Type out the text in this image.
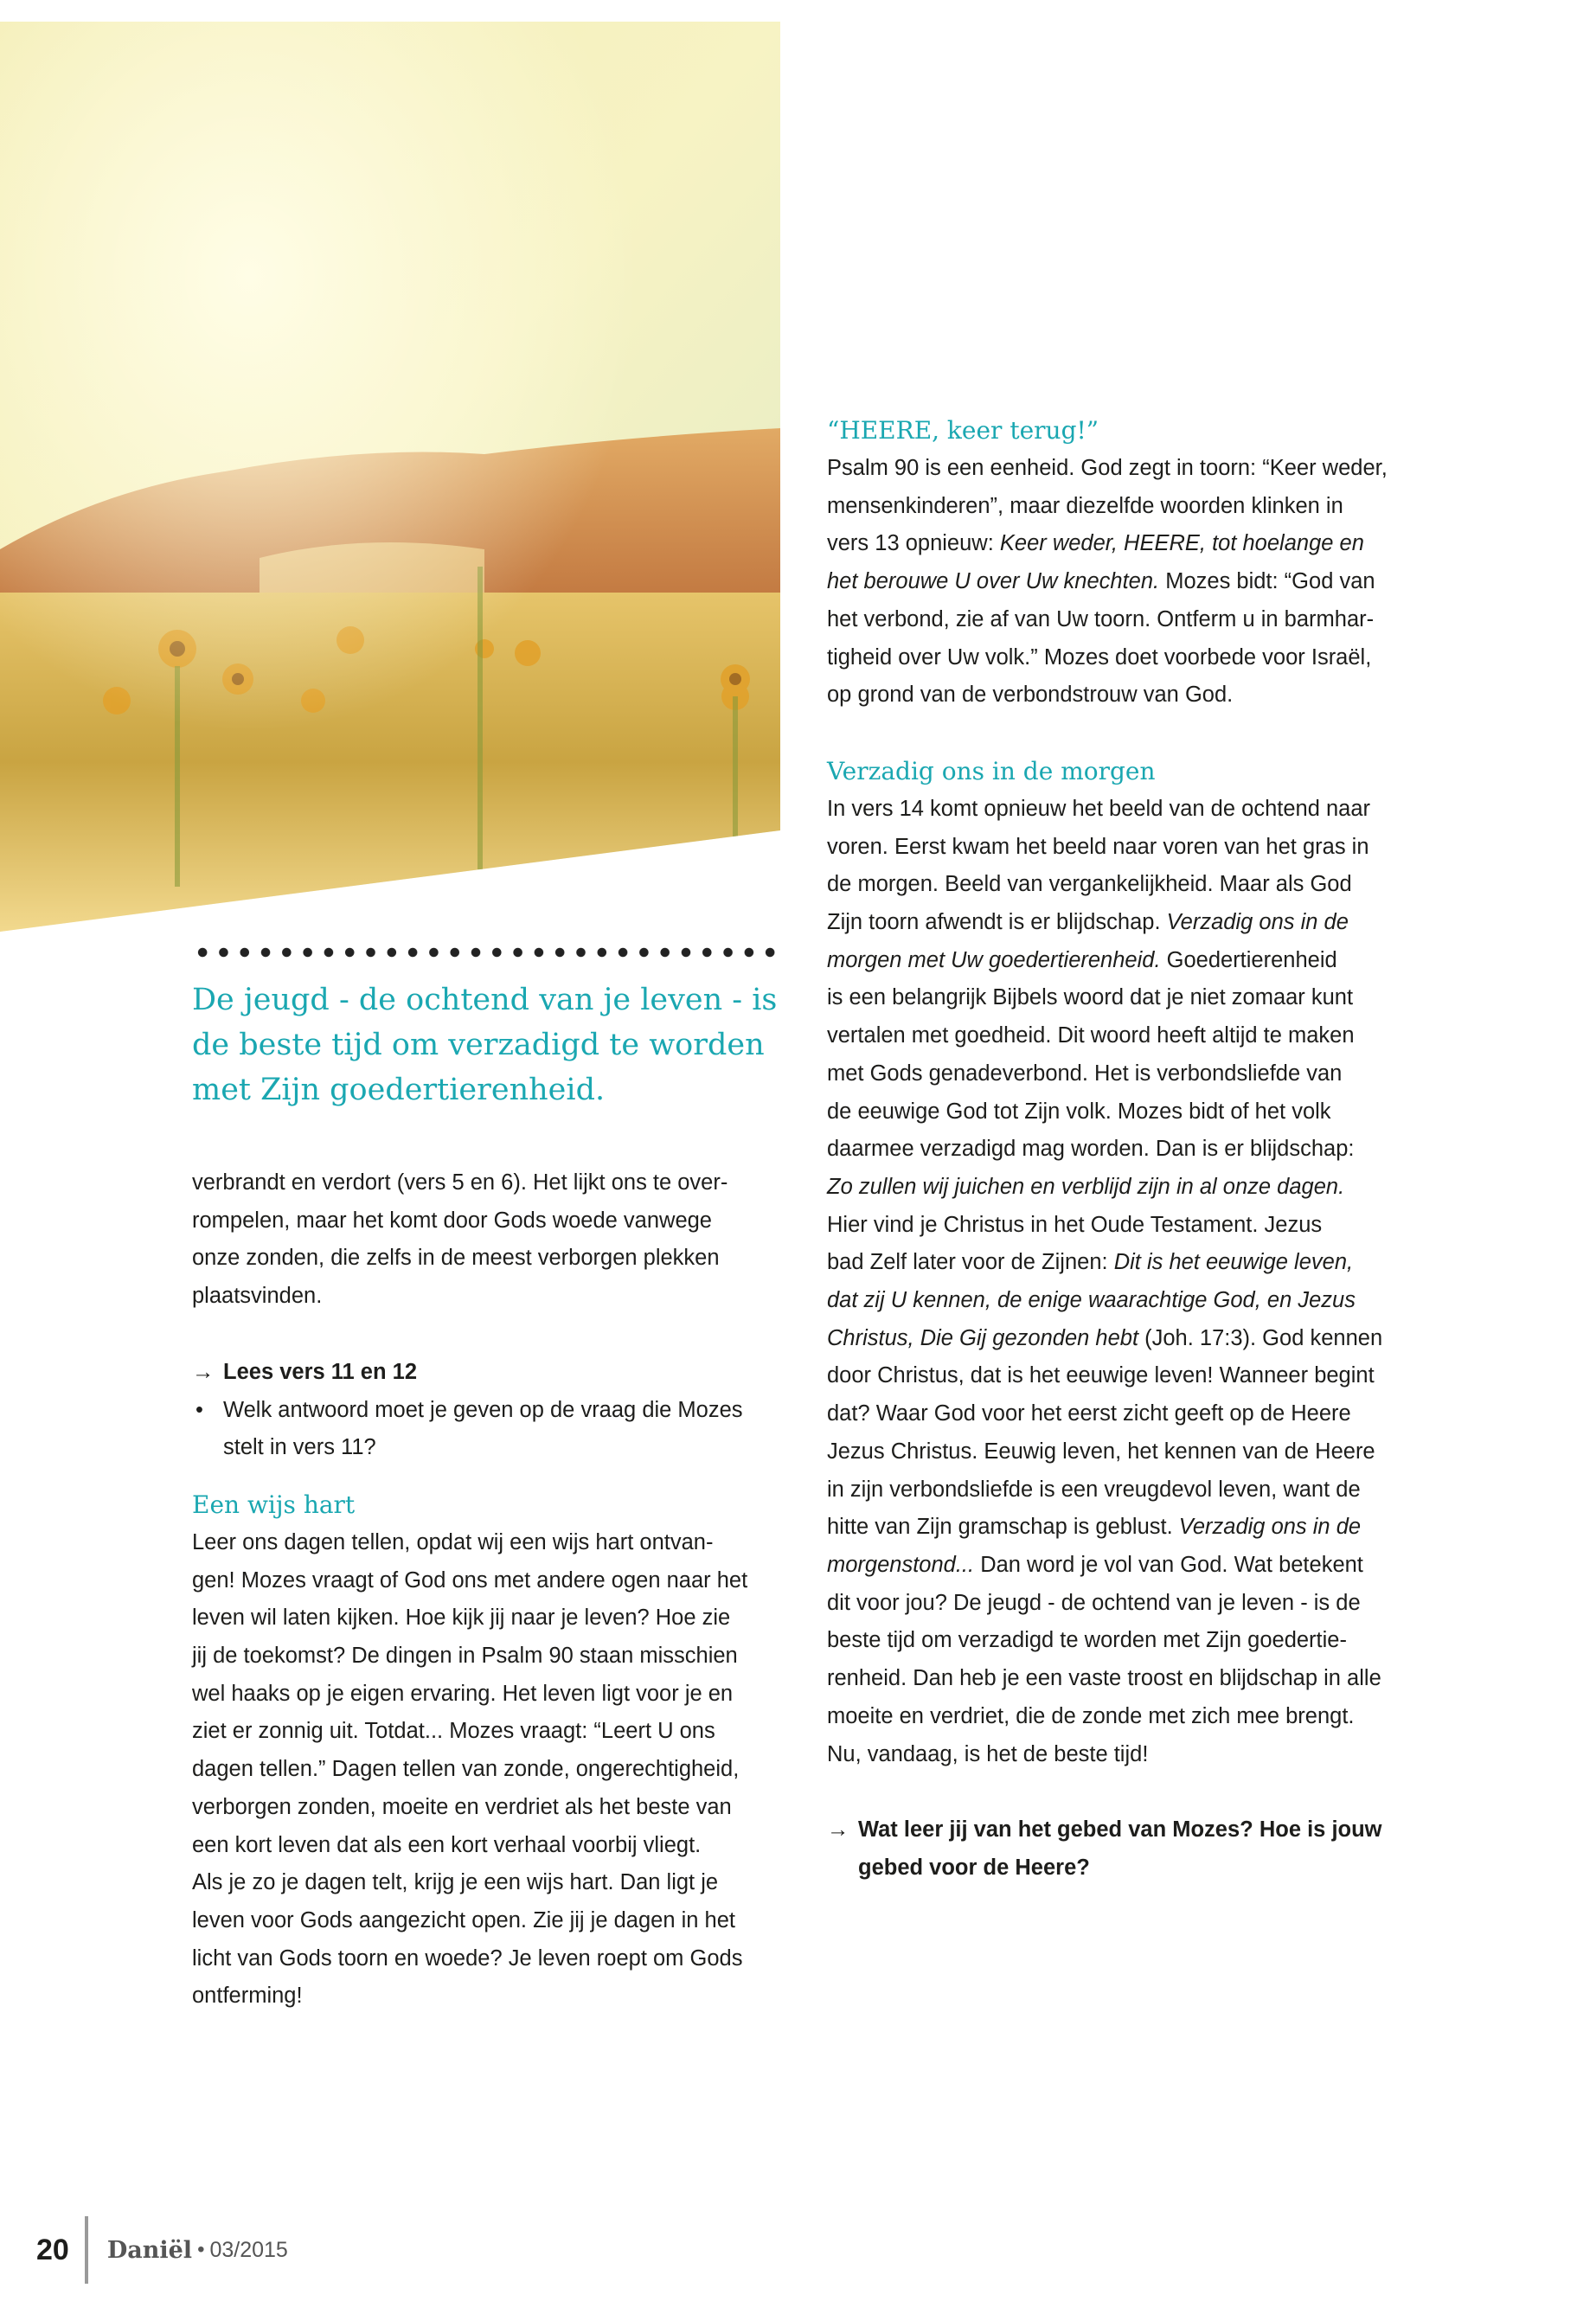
De jeugd - de ochtend van je leven - is de beste tijd om verzadigd te worden met Zijn goedertierenheid.
verbrandt en verdort (vers 5 en 6). Het lijkt ons te over-
rompelen, maar het komt door Gods woede vanwege
onze zonden, die zelfs in de meest verborgen plekken
plaatsvinden.
→ Lees vers 11 en 12
• Welk antwoord moet je geven op de vraag die Mozes
stelt in vers 11?
Een wijs hart
Leer ons dagen tellen, opdat wij een wijs hart ontvan-
gen! Mozes vraagt of God ons met andere ogen naar het
leven wil laten kijken. Hoe kijk jij naar je leven? Hoe zie
jij de toekomst? De dingen in Psalm 90 staan misschien
wel haaks op je eigen ervaring. Het leven ligt voor je en
ziet er zonnig uit. Totdat... Mozes vraagt: “Leert U ons
dagen tellen.” Dagen tellen van zonde, ongerechtigheid,
verborgen zonden, moeite en verdriet als het beste van
een kort leven dat als een kort verhaal voorbij vliegt.
Als je zo je dagen telt, krijg je een wijs hart. Dan ligt je
leven voor Gods aangezicht open. Zie jij je dagen in het
licht van Gods toorn en woede? Je leven roept om Gods
ontferming!
“HEERE, keer terug!”
Psalm 90 is een eenheid. God zegt in toorn: “Keer weder,
mensenkinderen”, maar diezelfde woorden klinken in
vers 13 opnieuw: Keer weder, HEERE, tot hoelange en
het berouwe U over Uw knechten. Mozes bidt: “God van
het verbond, zie af van Uw toorn. Ontferm u in barmhar-
tigheid over Uw volk.” Mozes doet voorbede voor Israël,
op grond van de verbondstrouw van God.
Verzadig ons in de morgen
In vers 14 komt opnieuw het beeld van de ochtend naar
voren. Eerst kwam het beeld naar voren van het gras in
de morgen. Beeld van vergankelijkheid. Maar als God
Zijn toorn afwendt is er blijdschap. Verzadig ons in de
morgen met Uw goedertierenheid. Goedertierenheid
is een belangrijk Bijbels woord dat je niet zomaar kunt
vertalen met goedheid. Dit woord heeft altijd te maken
met Gods genadeverbond. Het is verbondsliefde van
de eeuwige God tot Zijn volk. Mozes bidt of het volk
daarmee verzadigd mag worden. Dan is er blijdschap:
Zo zullen wij juichen en verblijd zijn in al onze dagen.
Hier vind je Christus in het Oude Testament. Jezus
bad Zelf later voor de Zijnen: Dit is het eeuwige leven,
dat zij U kennen, de enige waarachtige God, en Jezus
Christus, Die Gij gezonden hebt (Joh. 17:3). God kennen
door Christus, dat is het eeuwige leven! Wanneer begint
dat? Waar God voor het eerst zicht geeft op de Heere
Jezus Christus. Eeuwig leven, het kennen van de Heere
in zijn verbondsliefde is een vreugdevol leven, want de
hitte van Zijn gramschap is geblust. Verzadig ons in de
morgenstond... Dan word je vol van God. Wat betekent
dit voor jou? De jeugd - de ochtend van je leven - is de
beste tijd om verzadigd te worden met Zijn goedertie-
renheid. Dan heb je een vaste troost en blijdschap in alle
moeite en verdriet, die de zonde met zich mee brengt.
Nu, vandaag, is het de beste tijd!
→ Wat leer jij van het gebed van Mozes? Hoe is jouw
gebed voor de Heere?
20 Daniël • 03/2015
